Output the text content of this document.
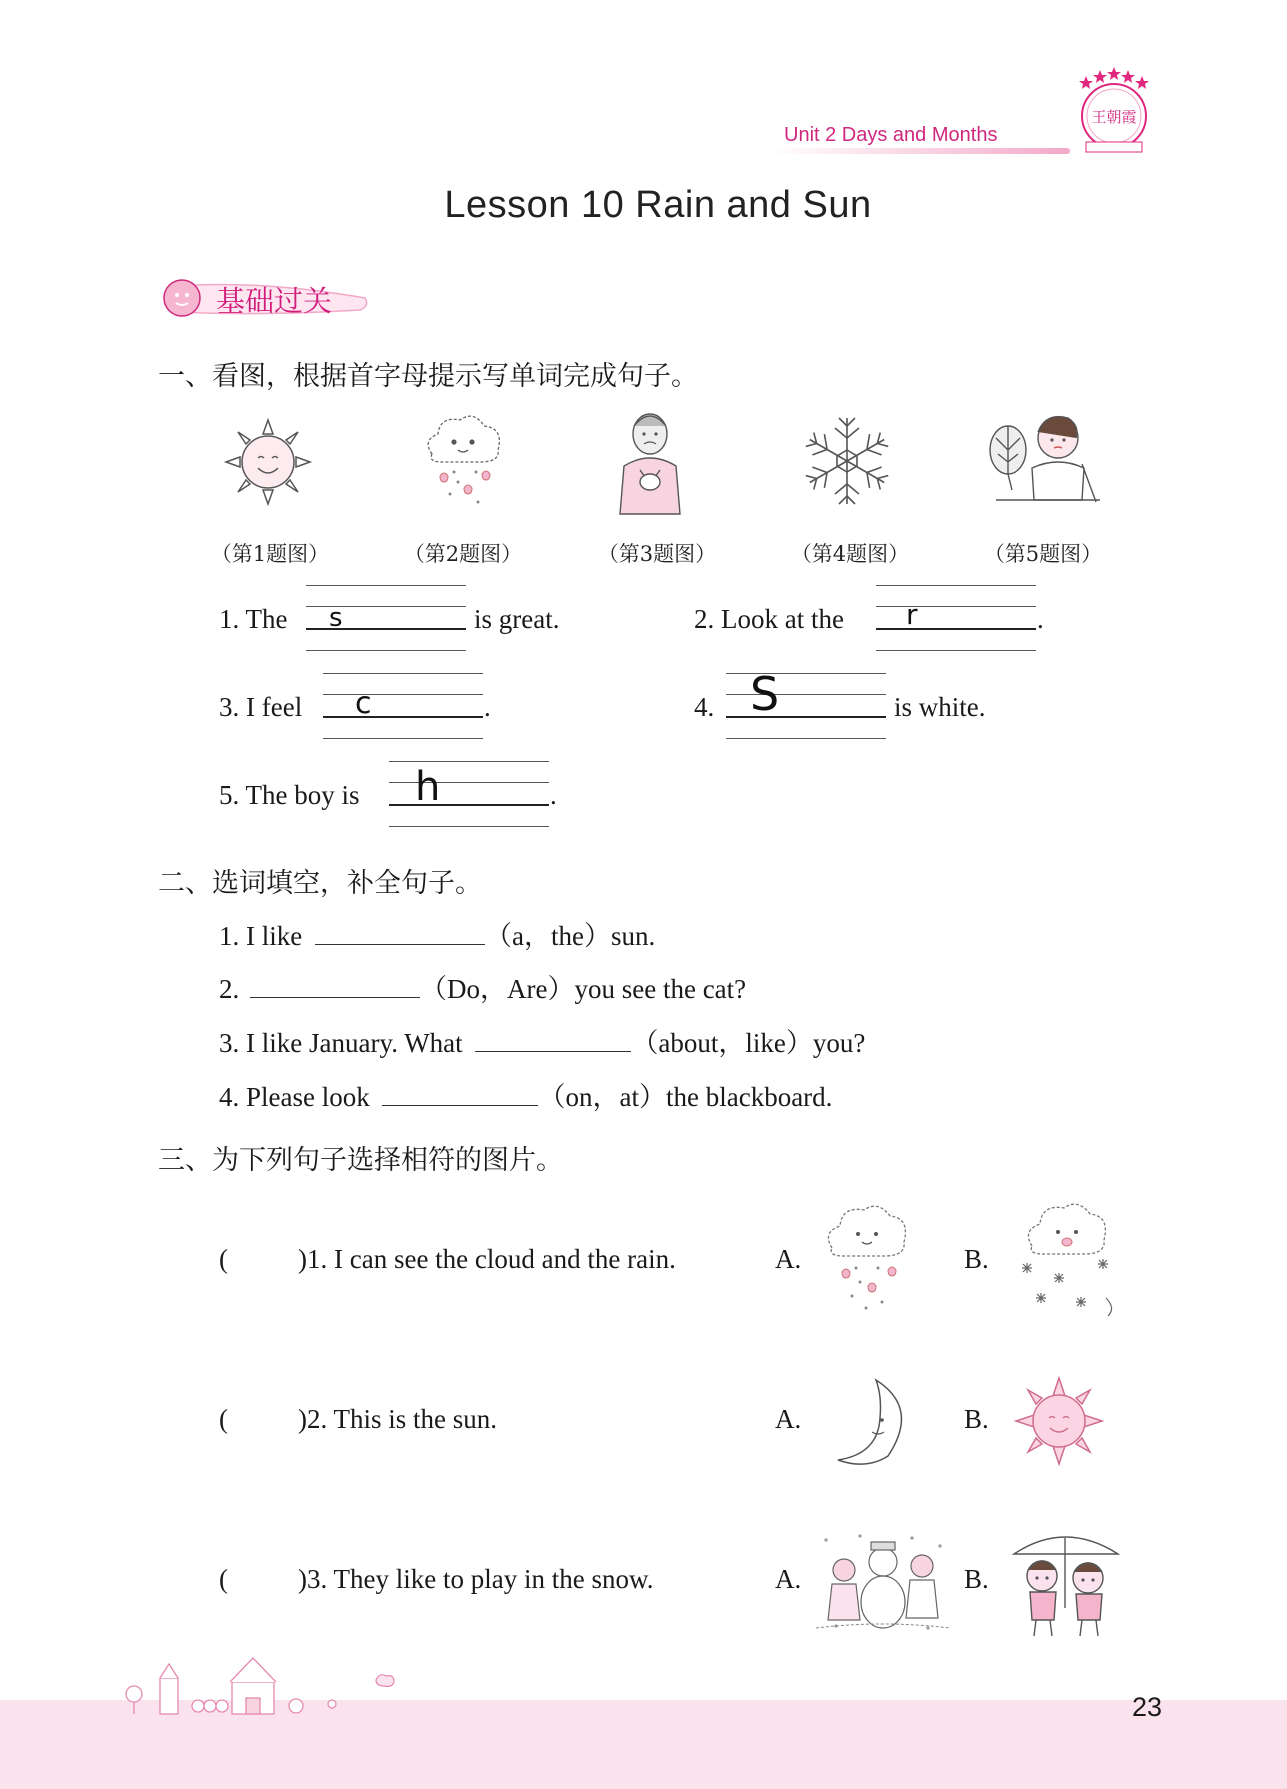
王朝霞
Unit 2 Days and Months
Lesson 10 Rain and Sun
基础过关
一、看图，根据首字母提示写单词完成句子。
（第1题图）	（第2题图）	（第3题图）	（第4题图）	（第5题图）
1. The s	is great.	2. Look at the r	.
3. I feel c	.	4. S	is white.
5. The boy is h	.
二、选词填空，补全句子。
1. I like	（a，the）sun.
2.	（Do，Are）you see the cat?
3. I like January. What	（about，like）you?
4. Please look	（on，at）the blackboard.
三、为下列句子选择相符的图片。
(	)1. I can see the cloud and the rain.	A.	B.
(	)2. This is the sun.	A.	B.
(	)3. They like to play in the snow.	A.	B.
23
